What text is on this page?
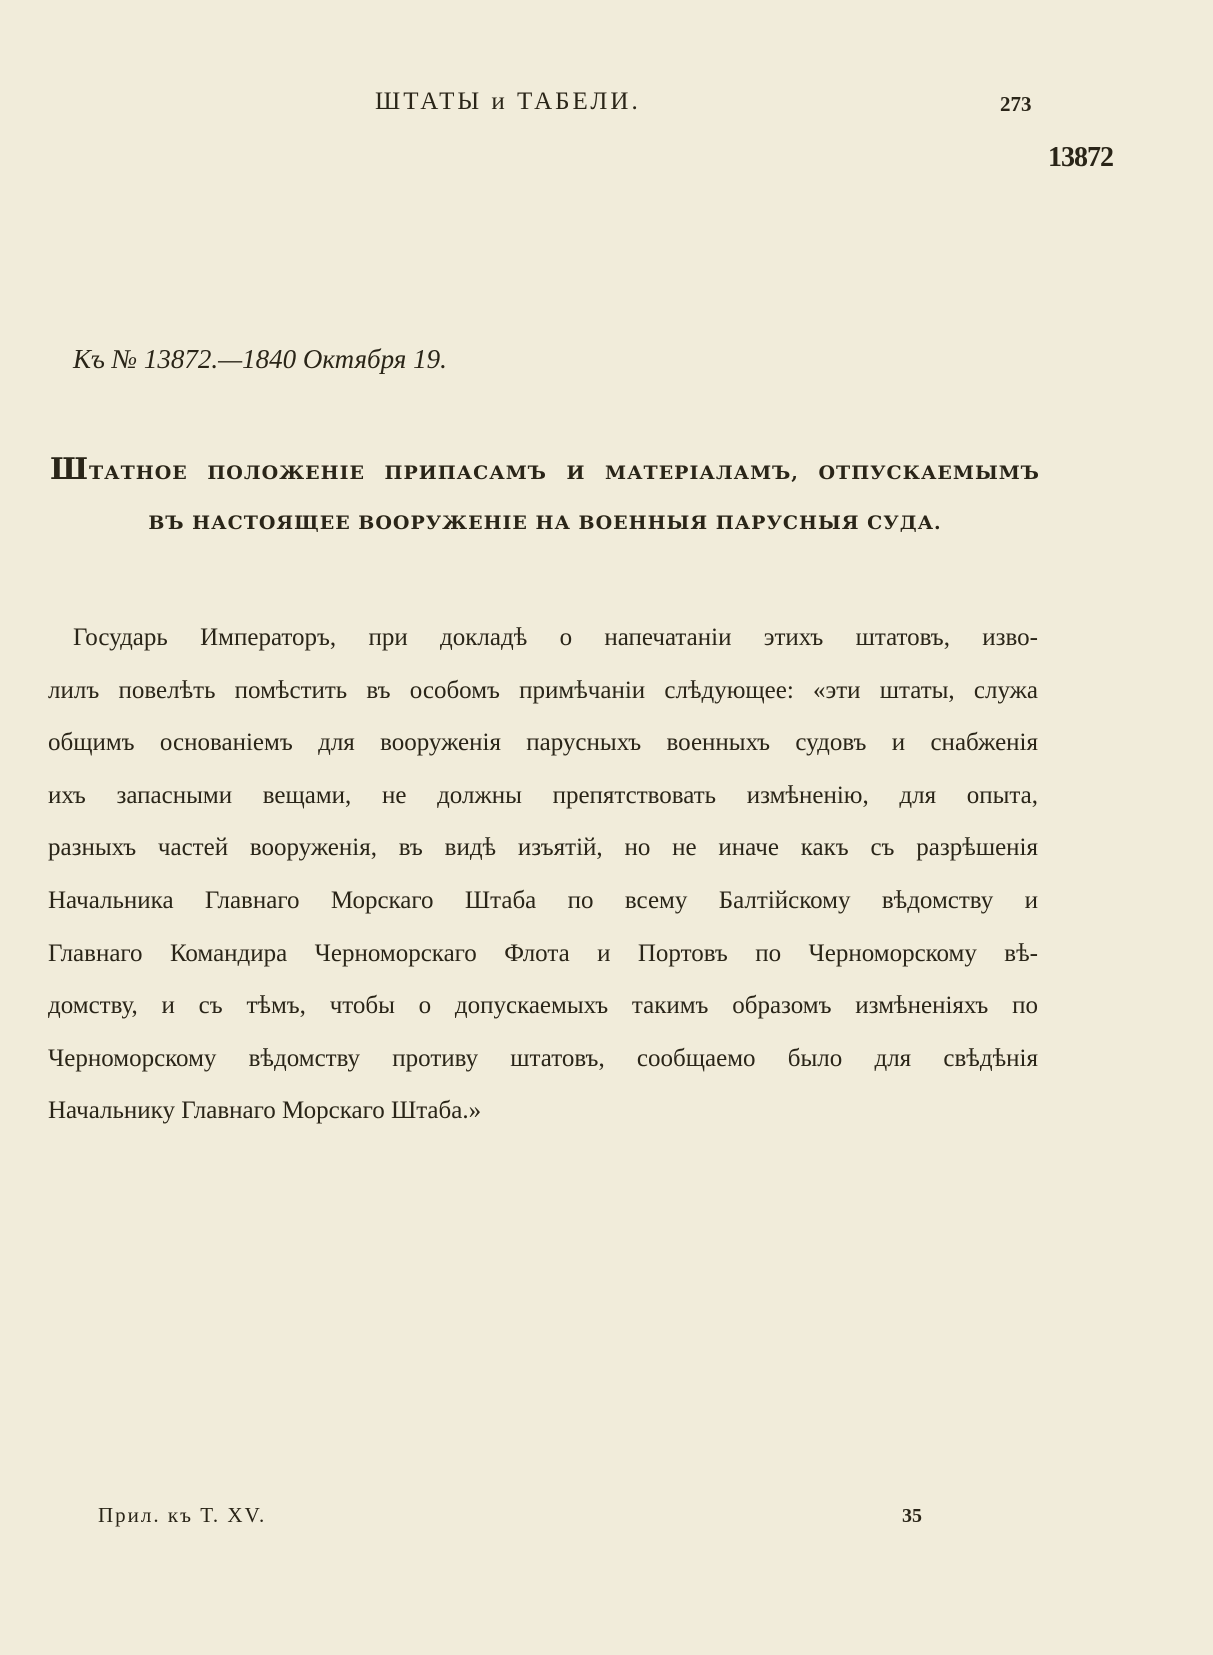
ШТАТЫ и ТАБЕЛИ.	273
13872
Къ № 13872.—1840 Октября 19.
ШТАТНОЕ ПОЛОЖЕНІЕ ПРИПАСАМЪ И МАТЕРІАЛАМЪ, ОТПУСКАЕМЫМЪ
ВЪ НАСТОЯЩЕЕ ВООРУЖЕНІЕ НА ВОЕННЫЯ ПАРУСНЫЯ СУДА.
Государь Императоръ, при докладѣ о напечатаніи этихъ штатовъ, изво-
лилъ повелѣть помѣстить въ особомъ примѣчаніи слѣдующее: «эти штаты, служа
общимъ основаніемъ для вооруженія парусныхъ военныхъ судовъ и снабженія
ихъ запасными вещами, не должны препятствовать измѣненію, для опыта,
разныхъ частей вооруженія, въ видѣ изъятій, но не иначе какъ съ разрѣшенія
Начальника Главнаго Морскаго Штаба по всему Балтійскому вѣдомству и
Главнаго Командира Черноморскаго Флота и Портовъ по Черноморскому вѣ-
домству, и съ тѣмъ, чтобы о допускаемыхъ такимъ образомъ измѣненіяхъ по
Черноморскому вѣдомству противу штатовъ, сообщаемо было для свѣдѣнія
Начальнику Главнаго Морскаго Штаба.»
Прил. къ Т. XV.	35
